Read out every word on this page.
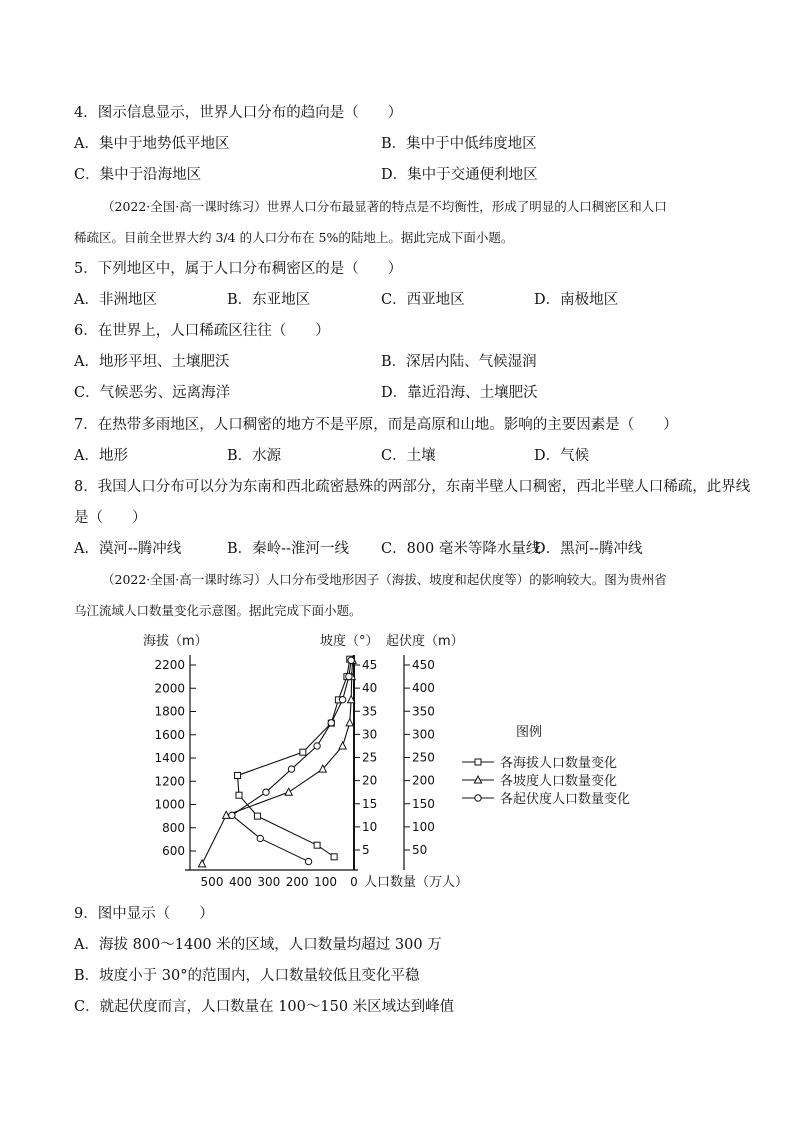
4．图示信息显示，世界人口分布的趋向是（　　）
A．集中于地势低平地区	B．集中于中低纬度地区
C．集中于沿海地区	D．集中于交通便利地区
（2022·全国·高一课时练习）世界人口分布最显著的特点是不均衡性，形成了明显的人口稠密区和人口
稀疏区。目前全世界大约 3/4 的人口分布在 5%的陆地上。据此完成下面小题。
5．下列地区中，属于人口分布稠密区的是（　　）
A．非洲地区	B．东亚地区	C．西亚地区	D．南极地区
6．在世界上，人口稀疏区往往（　　）
A．地形平坦、土壤肥沃	B．深居内陆、气候湿润
C．气候恶劣、远离海洋	D．靠近沿海、土壤肥沃
7．在热带多雨地区，人口稠密的地方不是平原，而是高原和山地。影响的主要因素是（　　）
A．地形	B．水源	C．土壤	D．气候
8．我国人口分布可以分为东南和西北疏密悬殊的两部分，东南半壁人口稠密，西北半壁人口稀疏，此界线
是（　　）
A．漠河--腾冲线	B．秦岭--淮河一线 C．800 毫米等降水量线
D．黑河--腾冲线
（2022·全国·高一课时练习）人口分布受地形因子（海拔、坡度和起伏度等）的影响较大。图为贵州省
乌江流域人口数量变化示意图。据此完成下面小题。
海拔（m）	坡度（°） 起伏度（m）
人口数量（万人）
图例
2200
2000
1800
1600
1400
1200
1000
800
600
45
40
35
30
25
20
15
10
5
450
400
350
300
250
200
150
100
50
500 400 300 200 100 0
各海拔人口数量变化
各坡度人口数量变化
各起伏度人口数量变化
9．图中显示（　　）
A．海拔 800～1400 米的区域，人口数量均超过 300 万
B．坡度小于 30°的范围内，人口数量较低且变化平稳
C．就起伏度而言，人口数量在 100～150 米区域达到峰值
